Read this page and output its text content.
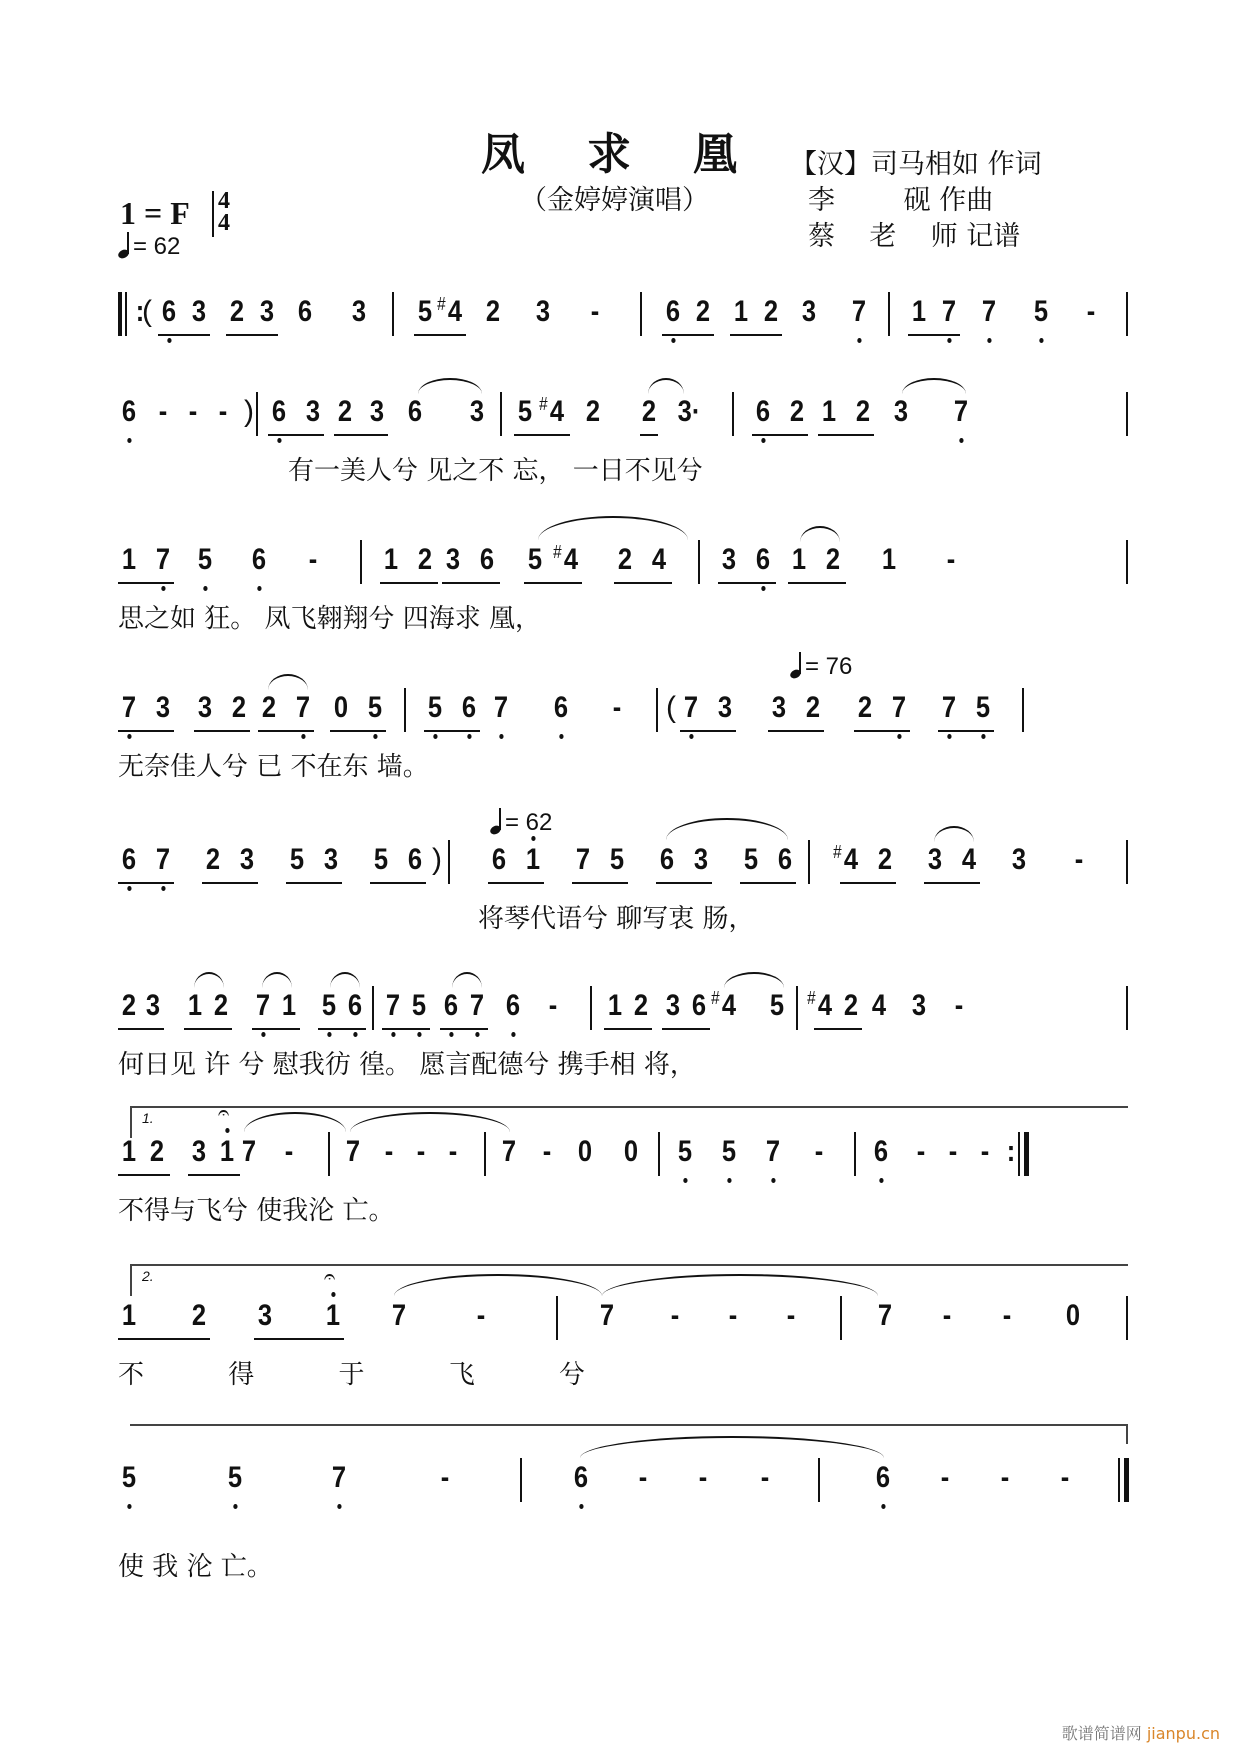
凤求凰
【汉】司马相如 作词
（金婷婷演唱）	李        砚 作曲
蔡    老    师 记谱
1 = F 4
4
= 62
:
( 6 3 2 3 6 3 5 # 4 2 3 - 6 2 1 2 3 7 1 7 7 5 -
6 - - - ) 6 3 2 3 6 3 5 # 4 2 2 3· 6 2 1 2 3 7
有一美人兮 见之不 忘， 一日不见兮
1 7 5 6 - 1 2 3 6 5 # 4 2 4 3 6 1 2 1 -
思之如 狂。 凤飞翱翔兮 四海求 凰，
= 76
7 3 3 2 2 7 0 5 5 6 7 6 - ( 7 3 3 2 2 7 7 5
无奈佳人兮 已 不在东 墙。
= 62
6 7 2 3 5 3 5 6 ) 6 1 7 5 6 3 5 6 # 4 2 3 4 3 -
将琴代语兮 聊写衷 肠，
2 3 1 2 7 1 5 6 7 5 6 7 6 - 1 2 3 6 # 4 5 # 4 2 4 3 -
何日见 许 兮 慰我彷 徨。 愿言配德兮 携手相 将，
1.
1 2 3 1
𝄐
7 - 7 - - - 7 - 0 0 5 5 7 - 6 - - - :
不得与飞兮 使我沦 亡。
2.
1 2 3 1
𝄐
7 -	7 - - -	7 - - 0
不 得 于 飞 兮
5	5	7	-	6 - - -	6 - - -

使 我 沦 亡。

歌谱简谱网 jianpu.cn
